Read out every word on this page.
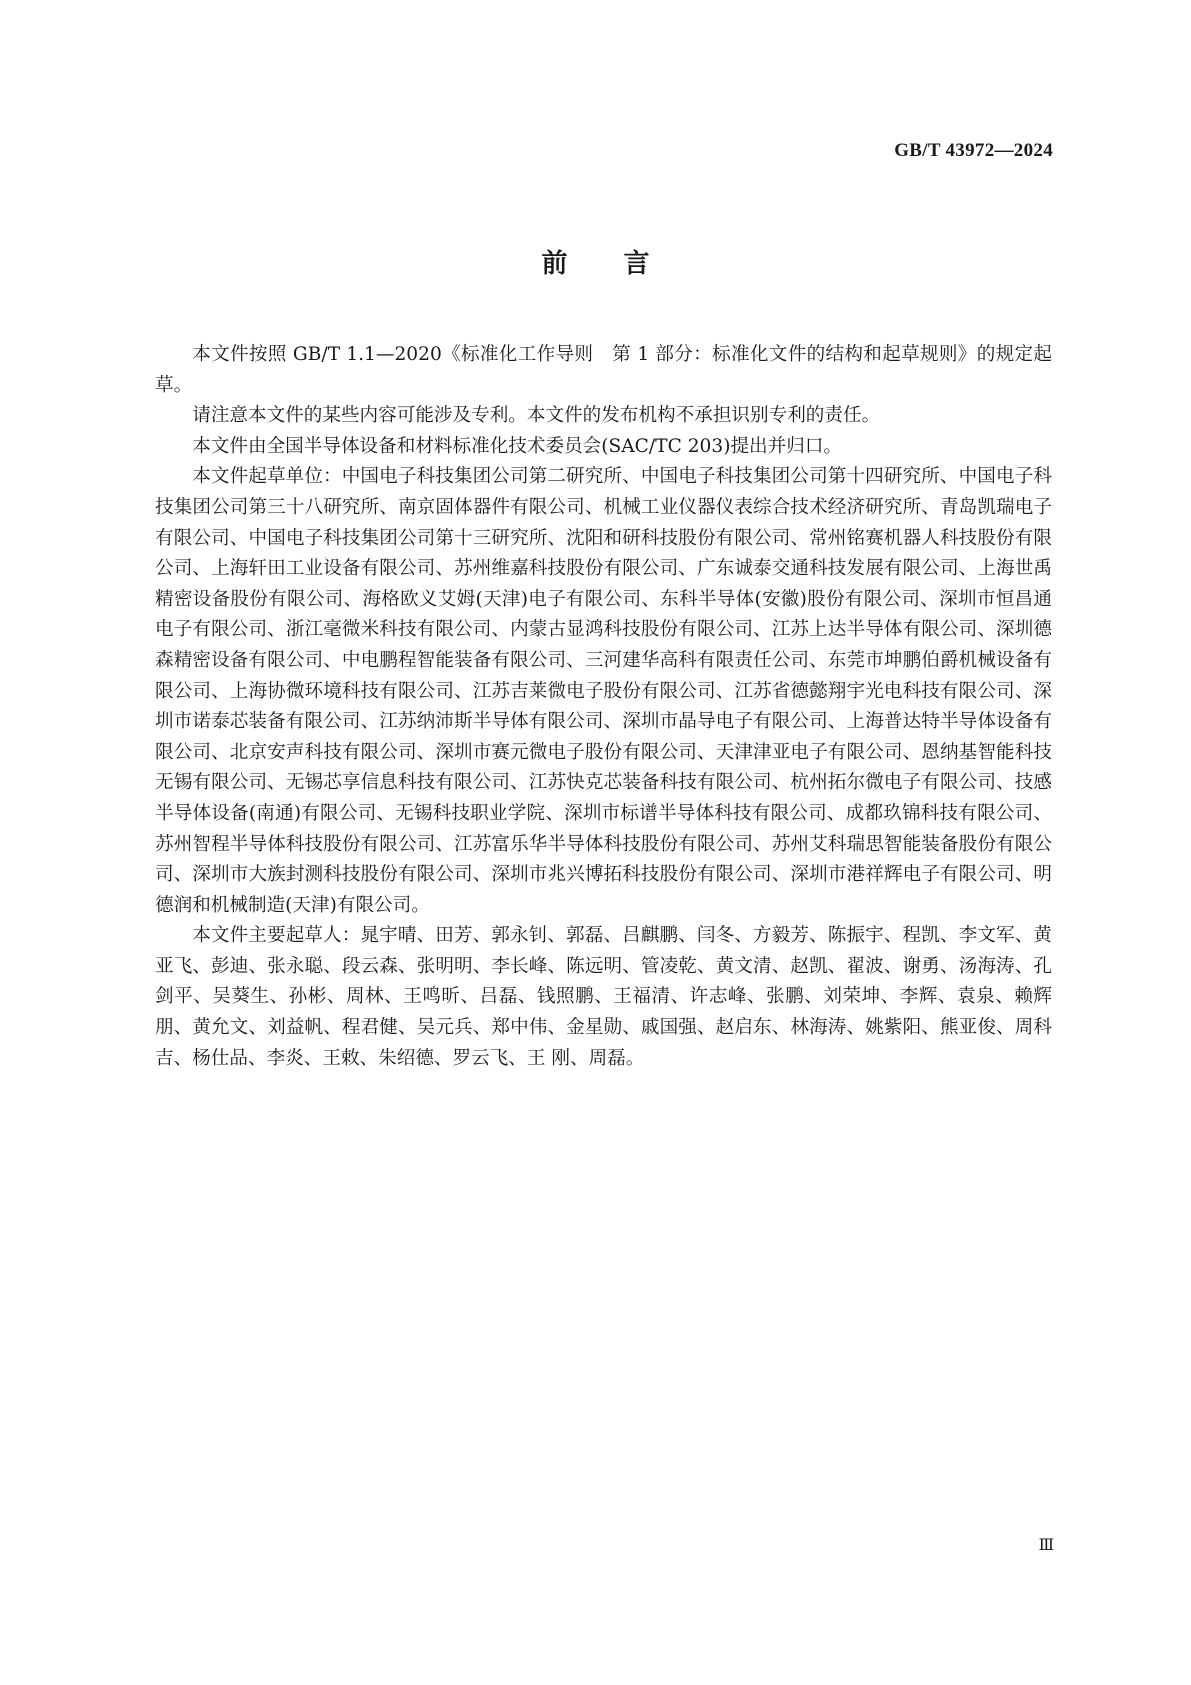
GB/T 43972—2024
前言

本文件按照 GB/T 1.1—2020《标准化工作导则　第 1 部分：标准化文件的结构和起草规则》的规定起草。

请注意本文件的某些内容可能涉及专利。本文件的发布机构不承担识别专利的责任。

本文件由全国半导体设备和材料标准化技术委员会(SAC/TC 203)提出并归口。

本文件起草单位：中国电子科技集团公司第二研究所、中国电子科技集团公司第十四研究所、中国电子科技集团公司第三十八研究所、南京固体器件有限公司、机械工业仪器仪表综合技术经济研究所、青岛凯瑞电子有限公司、中国电子科技集团公司第十三研究所、沈阳和研科技股份有限公司、常州铭赛机器人科技股份有限公司、上海轩田工业设备有限公司、苏州维嘉科技股份有限公司、广东诚泰交通科技发展有限公司、上海世禹精密设备股份有限公司、海格欧义艾姆(天津)电子有限公司、东科半导体(安徽)股份有限公司、深圳市恒昌通电子有限公司、浙江毫微米科技有限公司、内蒙古显鸿科技股份有限公司、江苏上达半导体有限公司、深圳德森精密设备有限公司、中电鹏程智能装备有限公司、三河建华高科有限责任公司、东莞市坤鹏伯爵机械设备有限公司、上海协微环境科技有限公司、江苏吉莱微电子股份有限公司、江苏省德懿翔宇光电科技有限公司、深圳市诺泰芯装备有限公司、江苏纳沛斯半导体有限公司、深圳市晶导电子有限公司、上海普达特半导体设备有限公司、北京安声科技有限公司、深圳市赛元微电子股份有限公司、天津津亚电子有限公司、恩纳基智能科技无锡有限公司、无锡芯享信息科技有限公司、江苏快克芯装备科技有限公司、杭州拓尔微电子有限公司、技感半导体设备(南通)有限公司、无锡科技职业学院、深圳市标谱半导体科技有限公司、成都玖锦科技有限公司、苏州智程半导体科技股份有限公司、江苏富乐华半导体科技股份有限公司、苏州艾科瑞思智能装备股份有限公司、深圳市大族封测科技股份有限公司、深圳市兆兴博拓科技股份有限公司、深圳市港祥辉电子有限公司、明德润和机械制造(天津)有限公司。

本文件主要起草人：晁宇晴、田芳、郭永钊、郭磊、吕麒鹏、闫冬、方毅芳、陈振宇、程凯、李文军、黄亚飞、彭迪、张永聪、段云森、张明明、李长峰、陈远明、管凌乾、黄文清、赵凯、翟波、谢勇、汤海涛、孔剑平、吴葵生、孙彬、周林、王鸣昕、吕磊、钱照鹏、王福清、许志峰、张鹏、刘荣坤、李辉、袁泉、赖辉朋、黄允文、刘益帆、程君健、吴元兵、郑中伟、金星勋、戚国强、赵启东、林海涛、姚紫阳、熊亚俊、周科吉、杨仕品、李炎、王敕、朱绍德、罗云飞、王 刚、周磊。

Ⅲ
